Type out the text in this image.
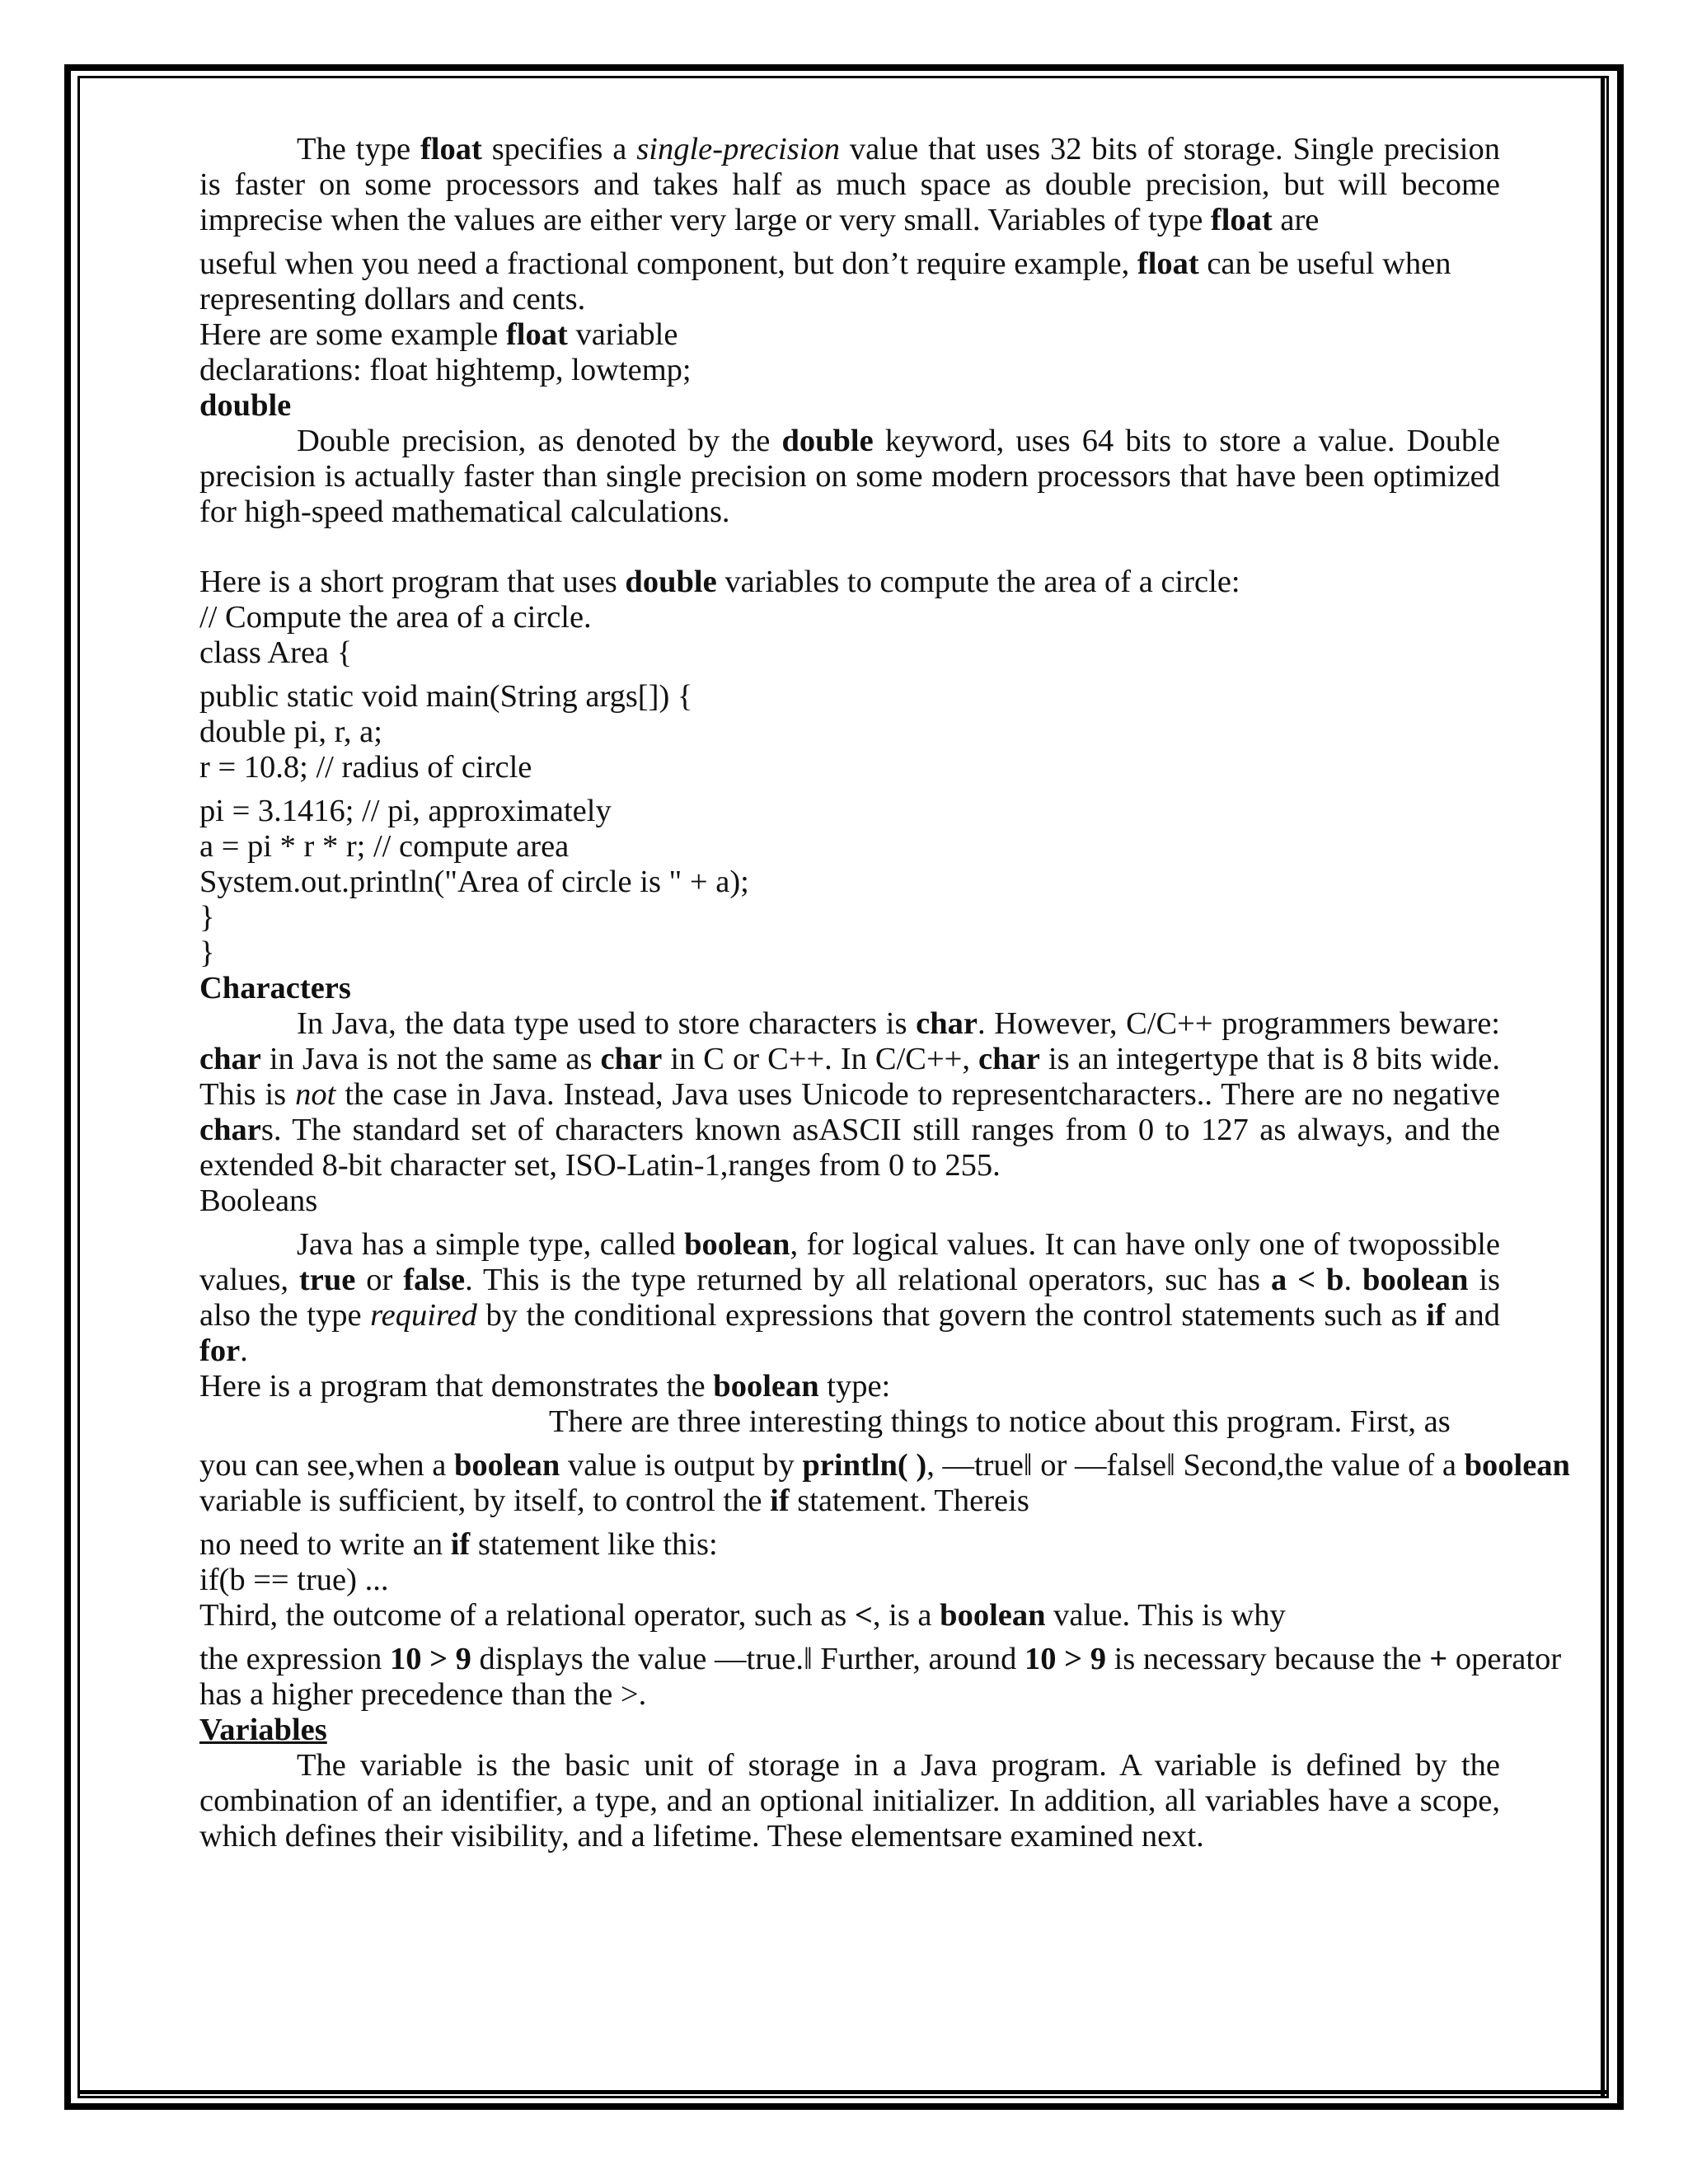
The type float specifies a single-precision value that uses 32 bits of storage. Single precision is faster on some processors and takes half as much space as double precision, but will become imprecise when the values are either very large or very small. Variables of type float are

useful when you need a fractional component, but don’t require example, float can be useful when representing dollars and cents.

Here are some example float variable

declarations: float hightemp, lowtemp;

double

Double precision, as denoted by the double keyword, uses 64 bits to store a value. Double precision is actually faster than single precision on some modern processors that have been optimized for high-speed mathematical calculations.

Here is a short program that uses double variables to compute the area of a circle:

// Compute the area of a circle.

class Area {

public static void main(String args[]) {

double pi, r, a;

r = 10.8; // radius of circle

pi = 3.1416; // pi, approximately

a = pi * r * r; // compute area

System.out.println("Area of circle is " + a);

}

}

Characters

In Java, the data type used to store characters is char. However, C/C++ programmers beware: char in Java is not the same as char in C or C++. In C/C++, char is an integertype that is 8 bits wide. This is not the case in Java. Instead, Java uses Unicode to representcharacters.. There are no negative chars. The standard set of characters known asASCII still ranges from 0 to 127 as always, and the extended 8-bit character set, ISO-Latin-1,ranges from 0 to 255.

Booleans

Java has a simple type, called boolean, for logical values. It can have only one of twopossible values, true or false. This is the type returned by all relational operators, suc has a < b. boolean is also the type required by the conditional expressions that govern the control statements such as if and for.

Here is a program that demonstrates the boolean type:

There are three interesting things to notice about this program. First, as

you can see,when a boolean value is output by println( ), —true‖ or —false‖ Second,the value of a boolean

variable is sufficient, by itself, to control the if statement. Thereis

no need to write an if statement like this:

if(b == true) ...

Third, the outcome of a relational operator, such as <, is a boolean value. This is why

the expression 10 > 9 displays the value —true.‖ Further, around 10 > 9 is necessary because the + operator

has a higher precedence than the >.

Variables

The variable is the basic unit of storage in a Java program. A variable is defined by the combination of an identifier, a type, and an optional initializer. In addition, all variables have a scope, which defines their visibility, and a lifetime. These elementsare examined next.
